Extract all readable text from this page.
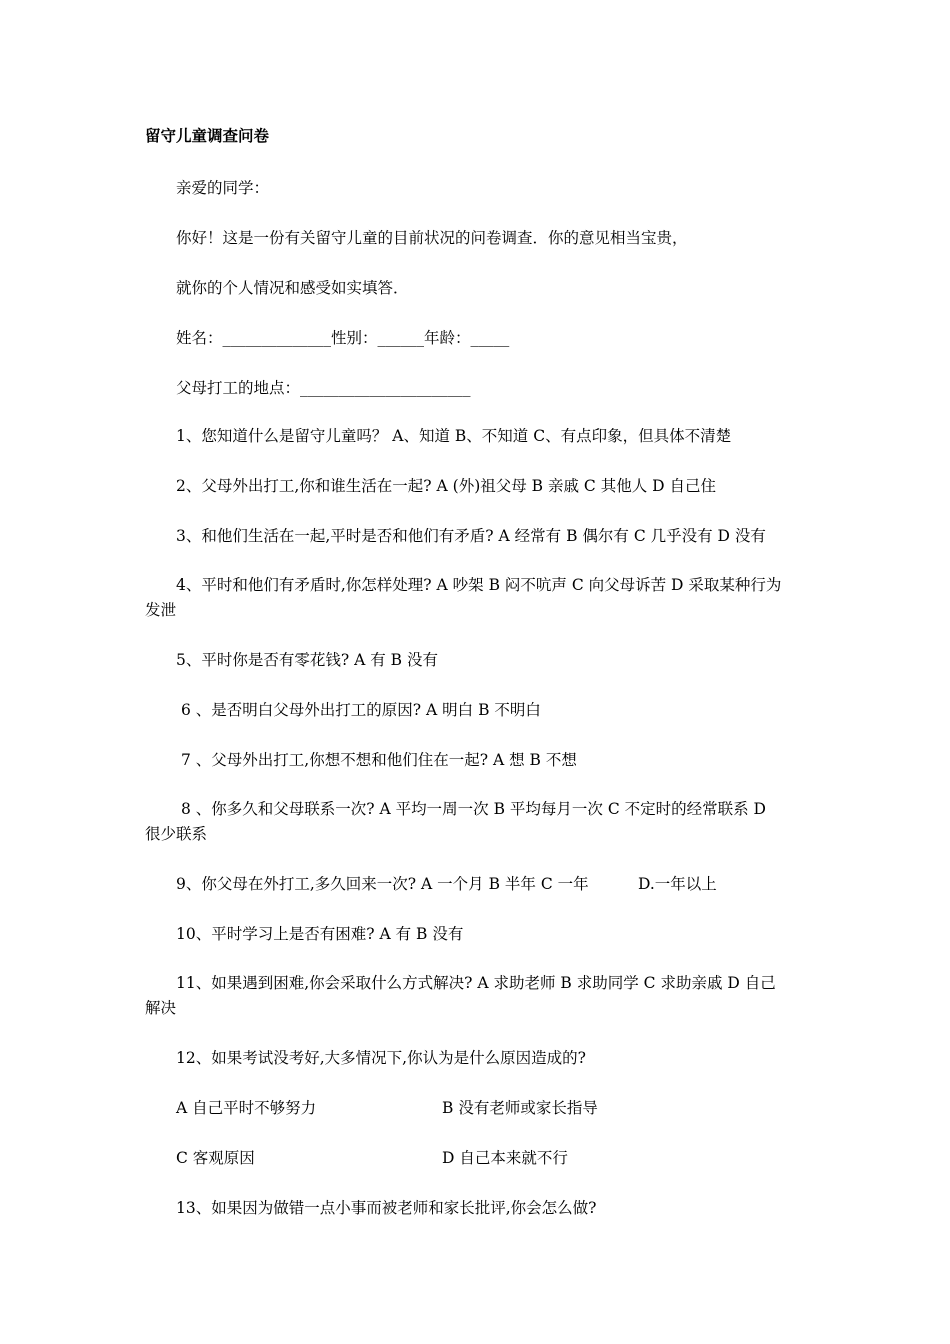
留守儿童调查问卷
亲爱的同学：
你好！这是一份有关留守儿童的目前状况的问卷调查．你的意见相当宝贵，
就你的个人情况和感受如实填答．
姓名：______________性别：______年龄：_____
父母打工的地点：______________________
1、您知道什么是留守儿童吗？ A、知道 B、不知道 C、有点印象，但具体不清楚
2、父母外出打工,你和谁生活在一起? A (外)祖父母 B 亲戚 C 其他人 D 自己住
3、和他们生活在一起,平时是否和他们有矛盾? A 经常有 B 偶尔有 C 几乎没有 D 没有
4、平时和他们有矛盾时,你怎样处理? A 吵架 B 闷不吭声 C 向父母诉苦 D 采取某种行为
发泄
5、平时你是否有零花钱? A 有 B 没有
6 、是否明白父母外出打工的原因? A 明白 B 不明白
7 、父母外出打工,你想不想和他们住在一起? A 想 B 不想
8 、你多久和父母联系一次? A 平均一周一次 B 平均每月一次 C 不定时的经常联系 D
很少联系
9、你父母在外打工,多久回来一次? A 一个月 B 半年 C 一年	D.一年以上
10、平时学习上是否有困难? A 有 B 没有
11、如果遇到困难,你会采取什么方式解决? A 求助老师 B 求助同学 C 求助亲戚 D 自己
解决
12、如果考试没考好,大多情况下,你认为是什么原因造成的?
A 自己平时不够努力	B 没有老师或家长指导
C 客观原因	D 自己本来就不行
13、如果因为做错一点小事而被老师和家长批评,你会怎么做?
